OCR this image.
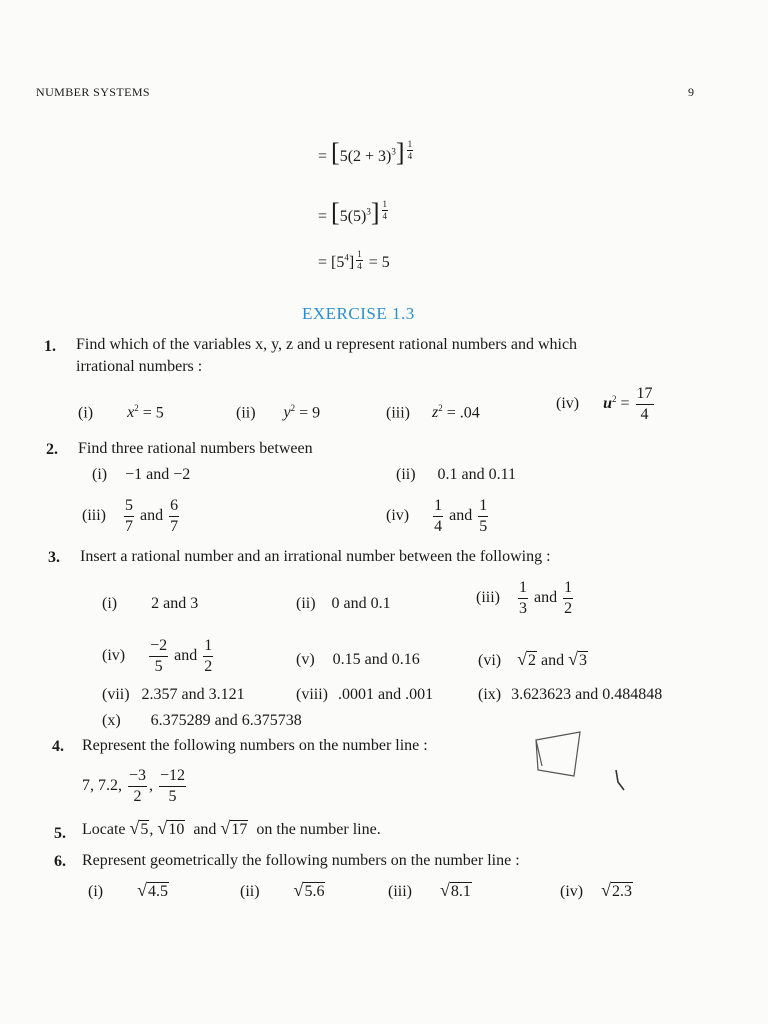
NUMBER SYSTEMS	9
= $[5(2 + 3)^3] \frac{1}{4}$
= $[5(5)^3] \frac{1}{4}$
= $[5^4] \frac{1}{4} = 5$
EXERCISE 1.3
1. Find which of the variables x, y, z and u represent rational numbers and which
irrational numbers :
(i) $x^2 = 5$	(ii) $y^2 = 9$	(iii) $z^2 = .04$
(iv) $u^2 = \frac{17}{4}$
2. Find three rational numbers between
(i) −1 and −2	(ii) 0.1 and 0.11
$(iii) \frac{5}{7}$ and $\frac{6}{7}$	$(iv) \frac{1}{4}$ and $\frac{1}{5}$
3. Insert a rational number and an irrational number between the following :
(i) 2 and 3	(ii) 0 and 0.1	$(iii) \frac{1}{3}$ and $\frac{1}{2}$
$(iv) \frac{-2}{5}$ and $\frac{1}{2}$	(v) 0.15 and 0.16	(vi) √2 and √3
(vii) 2.357 and 3.121	(viii) .0001 and .001	(ix) 3.623623 and 0.484848
(x) 6.375289 and 6.375738
4. Represent the following numbers on the number line :
7, 7.2, $\frac{-3}{2}$ , $\frac{-12}{5}$
5. Locate √5, √10 and √17 on the number line.
6. Represent geometrically the following numbers on the number line :
(i) √4.5	(ii) √5.6	(iii) √8.1	(iv) √2.3
